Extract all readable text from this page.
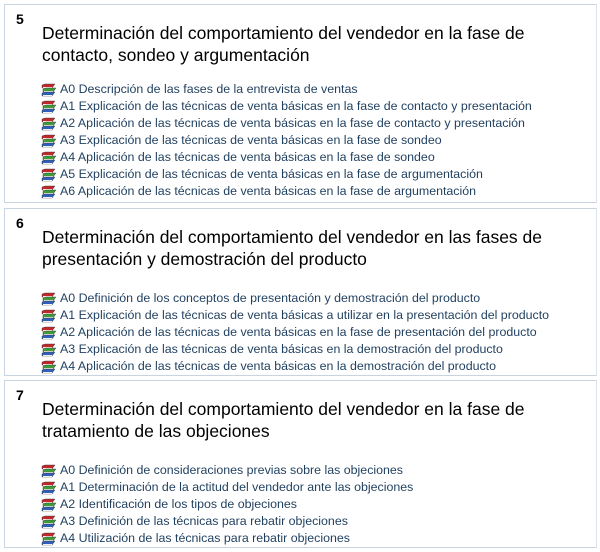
5
Determinación del comportamiento del vendedor en la fase de contacto, sondeo y argumentación
A0 Descripción de las fases de la entrevista de ventas
A1 Explicación de las técnicas de venta básicas en la fase de contacto y presentación
A2 Aplicación de las técnicas de venta básicas en la fase de contacto y presentación
A3 Explicación de las técnicas de venta básicas en la fase de sondeo
A4 Aplicación de las técnicas de venta básicas en la fase de sondeo
A5 Explicación de las técnicas de venta básicas en la fase de argumentación
A6 Aplicación de las técnicas de venta básicas en la fase de argumentación
6
Determinación del comportamiento del vendedor en las fases de presentación y demostración del producto
A0 Definición de los conceptos de presentación y demostración del producto
A1 Explicación de las técnicas de venta básicas a utilizar en la presentación del producto
A2 Aplicación de las técnicas de venta básicas en la fase de presentación del producto
A3 Explicación de las técnicas de venta básicas en la demostración del producto
A4 Aplicación de las técnicas de venta básicas en la demostración del producto
7
Determinación del comportamiento del vendedor en la fase de tratamiento de las objeciones
A0 Definición de consideraciones previas sobre las objeciones
A1 Determinación de la actitud del vendedor ante las objeciones
A2 Identificación de los tipos de objeciones
A3 Definición de las técnicas para rebatir objeciones
A4 Utilización de las técnicas para rebatir objeciones
